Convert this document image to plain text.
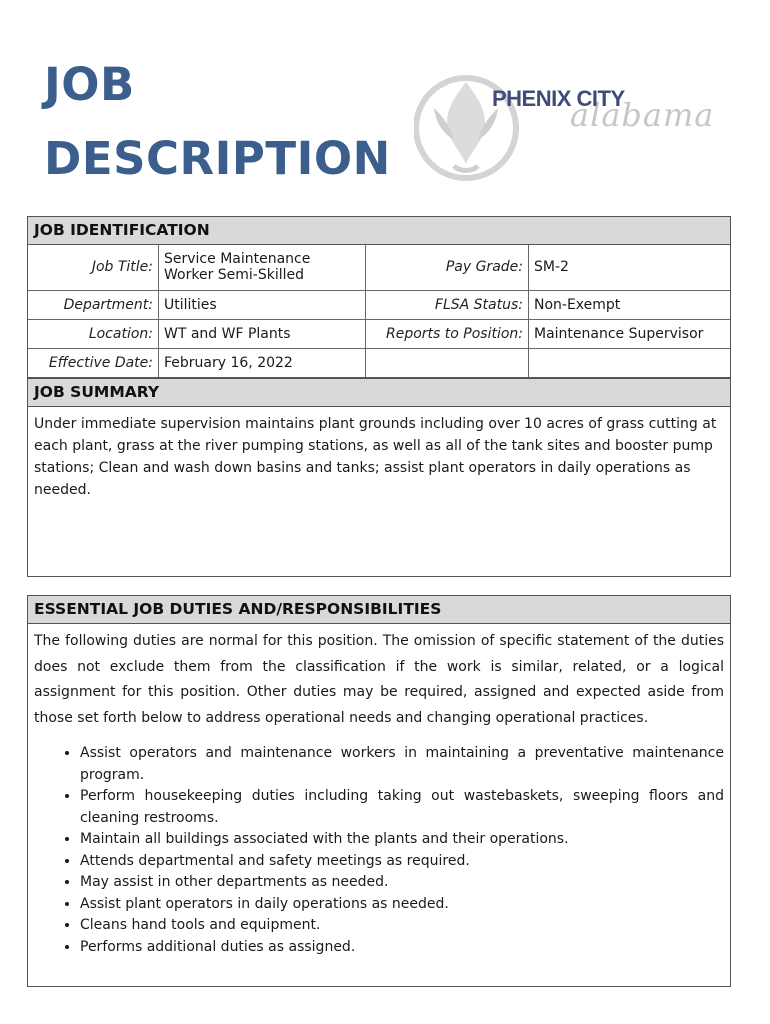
JOB
DESCRIPTION
alabama
PHENIX CITY
JOB IDENTIFICATION
Job Title:	Service Maintenance Worker Semi-Skilled	Pay Grade:	SM-2
Department:	Utilities	FLSA Status:	Non-Exempt
Location:	WT and WF Plants	Reports to Position:	Maintenance Supervisor
Effective Date:	February 16, 2022		
JOB SUMMARY
Under immediate supervision maintains plant grounds including over 10 acres of grass cutting at each plant, grass at the river pumping stations, as well as all of the tank sites and booster pump stations; Clean and wash down basins and tanks; assist plant operators in daily operations as needed.
ESSENTIAL JOB DUTIES AND/RESPONSIBILITIES
The following duties are normal for this position. The omission of specific statement of the duties does not exclude them from the classification if the work is similar, related, or a logical assignment for this position. Other duties may be required, assigned and expected aside from those set forth below to address operational needs and changing operational practices.
• Assist operators and maintenance workers in maintaining a preventative maintenance program.
• Perform housekeeping duties including taking out wastebaskets, sweeping floors and cleaning restrooms.
• Maintain all buildings associated with the plants and their operations.
• Attends departmental and safety meetings as required.
• May assist in other departments as needed.
• Assist plant operators in daily operations as needed.
• Cleans hand tools and equipment.
• Performs additional duties as assigned.
